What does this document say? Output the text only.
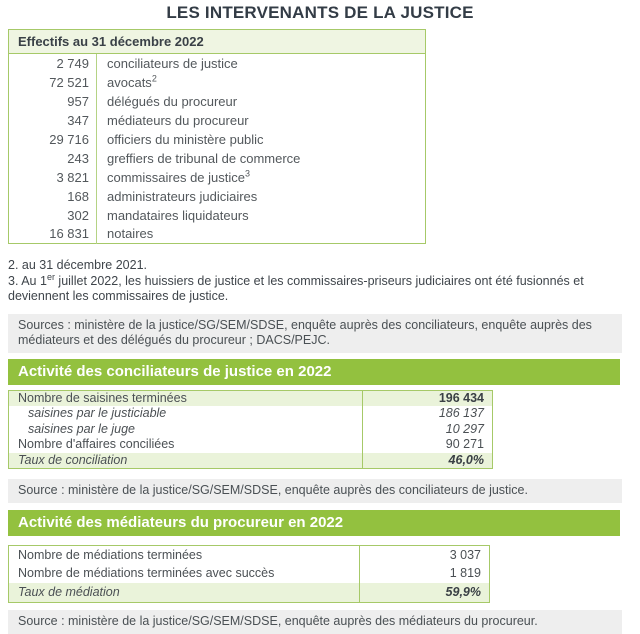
LES INTERVENANTS DE LA JUSTICE
Effectifs au 31 décembre 2022	
2 749	conciliateurs de justice
72 521	avocats$^2$
957	délégués du procureur
347	médiateurs du procureur
29 716	officiers du ministère public
243	greffiers de tribunal de commerce
3 821	commissaires de justice$^3$
168	administrateurs judiciaires
302	mandataires liquidateurs
16 831	notaires
2. au 31 décembre 2021.
3. Au 1er juillet 2022, les huissiers de justice et les commissaires-priseurs judiciaires ont été fusionnés et deviennent les commissaires de justice.
Sources : ministère de la justice/SG/SEM/SDSE, enquête auprès des conciliateurs, enquête auprès des médiateurs et des délégués du procureur ; DACS/PEJC.
Activité des conciliateurs de justice en 2022
Nombre de saisines terminées	196 434
saisines par le justiciable	186 137
saisines par le juge	10 297
Nombre d'affaires conciliées	90 271
Taux de conciliation	46,0%
Source : ministère de la justice/SG/SEM/SDSE, enquête auprès des conciliateurs de justice.
Activité des médiateurs du procureur en 2022
Nombre de médiations terminées	3 037
Nombre de médiations terminées avec succès	1 819
Taux de médiation	59,9%
Source : ministère de la justice/SG/SEM/SDSE, enquête auprès des médiateurs du procureur.
